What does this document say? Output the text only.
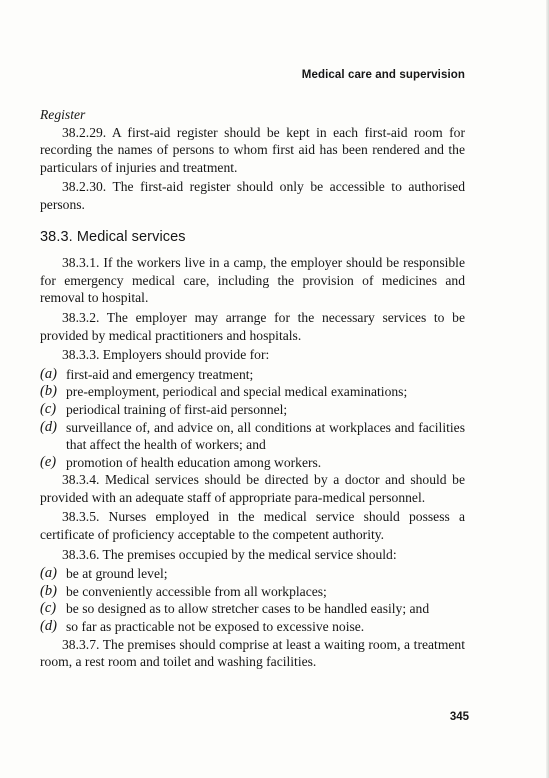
Medical care and supervision

Register

38.2.29. A first-aid register should be kept in each first-aid room for recording the names of persons to whom first aid has been rendered and the particulars of injuries and treatment.

38.2.30. The first-aid register should only be accessible to authorised persons.

38.3. Medical services

38.3.1. If the workers live in a camp, the employer should be responsible for emergency medical care, including the provision of medicines and removal to hospital.

38.3.2. The employer may arrange for the necessary services to be provided by medical practitioners and hospitals.

38.3.3. Employers should provide for:

(a) first-aid and emergency treatment;
(b) pre-employment, periodical and special medical examinations;
(c) periodical training of first-aid personnel;
(d) surveillance of, and advice on, all conditions at workplaces and facilities that affect the health of workers; and
(e) promotion of health education among workers.

38.3.4. Medical services should be directed by a doctor and should be provided with an adequate staff of appropriate para-medical personnel.

38.3.5. Nurses employed in the medical service should possess a certificate of proficiency acceptable to the competent authority.

38.3.6. The premises occupied by the medical service should:

(a) be at ground level;
(b) be conveniently accessible from all workplaces;
(c) be so designed as to allow stretcher cases to be handled easily; and
(d) so far as practicable not be exposed to excessive noise.

38.3.7. The premises should comprise at least a waiting room, a treatment room, a rest room and toilet and washing facilities.

345
